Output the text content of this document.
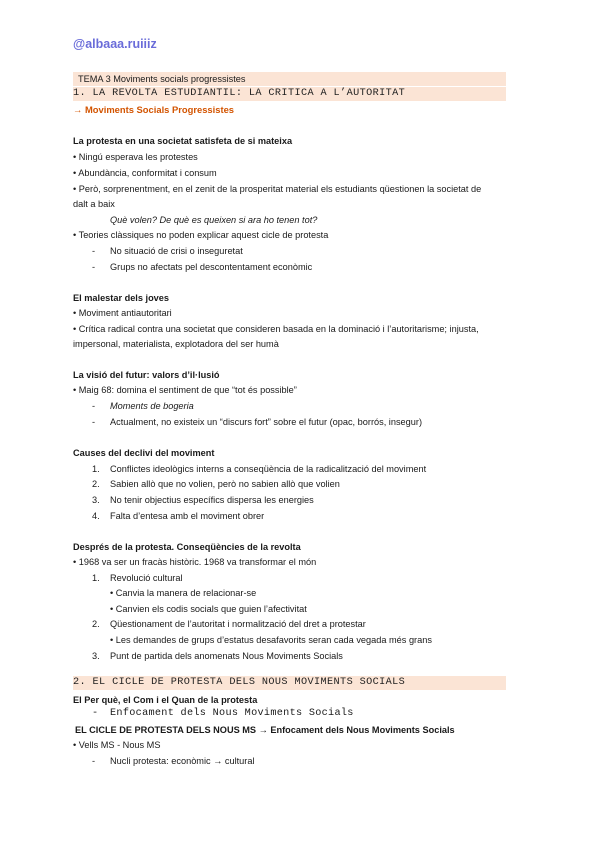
@albaaa.ruiiiz
TEMA 3 Moviments socials progressistes
1. LA REVOLTA ESTUDIANTIL: LA CRITICA A L’AUTORITAT
→ Moviments Socials Progressistes
La protesta en una societat satisfeta de si mateixa
• Ningú esperava les protestes
• Abundància, conformitat i consum
• Però, sorprenentment, en el zenit de la prosperitat material els estudiants qüestionen la societat de
dalt a baix
Què volen? De què es queixen si ara ho tenen tot?
• Teories clàssiques no poden explicar aquest cicle de protesta
- No situació de crisi o inseguretat
- Grups no afectats pel descontentament econòmic
El malestar dels joves
• Moviment antiautoritari
• Crítica radical contra una societat que consideren basada en la dominació i l’autoritarisme; injusta,
impersonal, materialista, explotadora del ser humà
La visió del futur: valors d’il·lusió
• Maig 68: domina el sentiment de que “tot és possible”
- Moments de bogeria
- Actualment, no existeix un “discurs fort” sobre el futur (opac, borrós, insegur)
Causes del declivi del moviment
1. Conflictes ideològics interns a conseqüència de la radicalització del moviment
2. Sabien allò que no volien, però no sabien allò que volien
3. No tenir objectius específics dispersa les energies
4. Falta d’entesa amb el moviment obrer
Després de la protesta. Conseqüències de la revolta
• 1968 va ser un fracàs històric. 1968 va transformar el món
1. Revolució cultural
• Canvia la manera de relacionar-se
• Canvien els codis socials que guien l’afectivitat
2. Qüestionament de l’autoritat i normalització del dret a protestar
• Les demandes de grups d’estatus desafavorits seran cada vegada més grans
3. Punt de partida dels anomenats Nous Moviments Socials
2. EL CICLE DE PROTESTA DELS NOUS MOVIMENTS SOCIALS
El Per què, el Com i el Quan de la protesta
- Enfocament dels Nous Moviments Socials
EL CICLE DE PROTESTA DELS NOUS MS → Enfocament dels Nous Moviments Socials
• Vells MS - Nous MS
- Nucli protesta: econòmic → cultural
